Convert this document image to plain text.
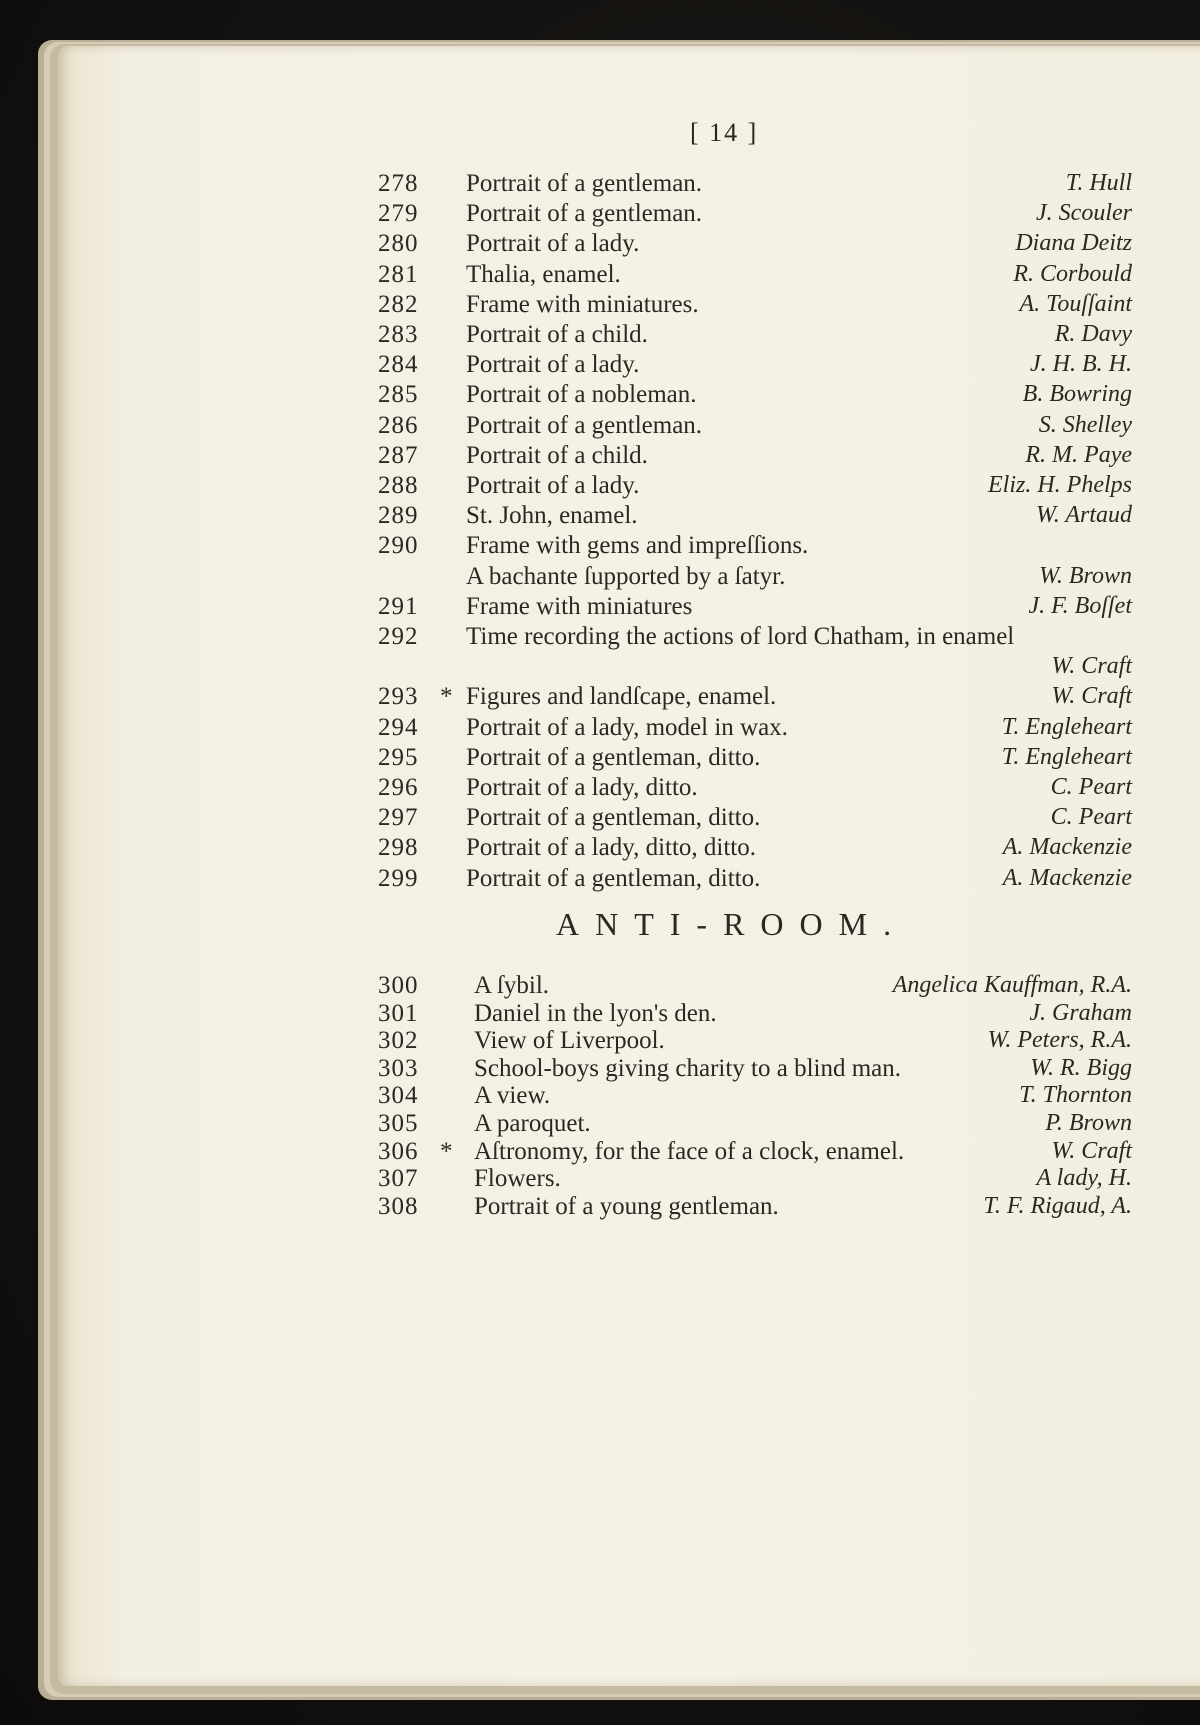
[ 14 ]
278 Portrait of a gentleman.	T. Hull
279 Portrait of a gentleman.	J. Scouler
280 Portrait of a lady.	Diana Deitz
281 Thalia, enamel.	R. Corbould
282 Frame with miniatures.	A. Touſſaint
283 Portrait of a child.	R. Davy
284 Portrait of a lady.	J. H. B. H.
285 Portrait of a nobleman.	B. Bowring
286 Portrait of a gentleman.	S. Shelley
287 Portrait of a child.	R. M. Paye
288 Portrait of a lady.	Eliz. H. Phelps
289 St. John, enamel.	W. Artaud
290 Frame with gems and impreſſions.
A bachante ſupported by a ſatyr.	W. Brown
291 Frame with miniatures	J. F. Boſſet
292 Time recording the actions of lord Chatham, in enamel
W. Craft
293 * Figures and landſcape, enamel.	W. Craft
294 Portrait of a lady, model in wax.	T. Engleheart
295 Portrait of a gentleman, ditto.	T. Engleheart
296 Portrait of a lady, ditto.	C. Peart
297 Portrait of a gentleman, ditto.	C. Peart
298 Portrait of a lady, ditto, ditto.	A. Mackenzie
299 Portrait of a gentleman, ditto.	A. Mackenzie
ANTI-ROOM.
300 A ſybil.	Angelica Kauffman, R.A.
301 Daniel in the lyon's den.	J. Graham
302 View of Liverpool.	W. Peters, R.A.
303 School-boys giving charity to a blind man.	W. R. Bigg
304 A view.	T. Thornton
305 A paroquet.	P. Brown
306 * Aſtronomy, for the face of a clock, enamel.	W. Craft
307 Flowers.	A lady, H.
308 Portrait of a young gentleman.	T. F. Rigaud, A.
